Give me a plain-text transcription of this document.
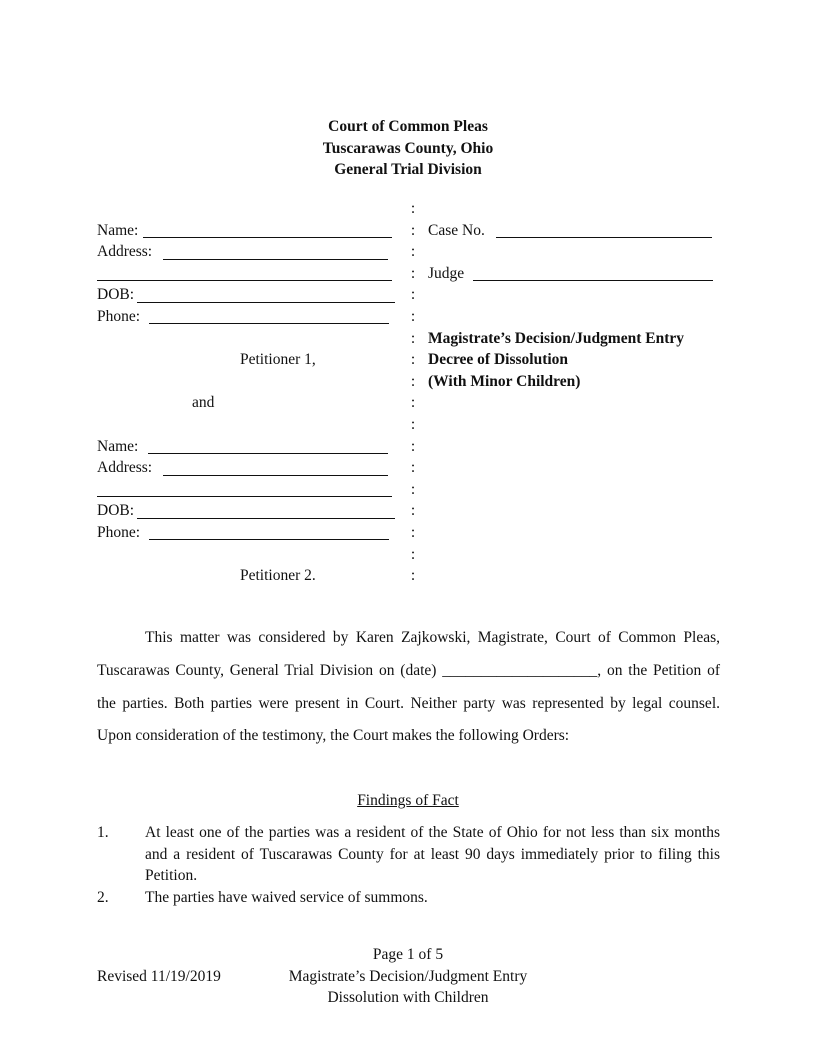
Court of Common Pleas
Tuscarawas County, Ohio
General Trial Division
:
:
:
:
:
:
:
:
:
:
:
:
:
:
:
:
:
:
Name:
Address:
DOB:
Phone:
Petitioner 1,
and
Name:
Address:
DOB:
Phone:
Petitioner 2.
Case No.
Judge
Magistrate’s Decision/Judgment Entry
Decree of Dissolution
(With Minor Children)

This matter was considered by Karen Zajkowski, Magistrate, Court of Common Pleas, Tuscarawas County, General Trial Division on (date) ____________________, on the Petition of the parties. Both parties were present in Court. Neither party was represented by legal counsel. Upon consideration of the testimony, the Court makes the following Orders:

Findings of Fact
1. At least one of the parties was a resident of the State of Ohio for not less than six months and a resident of Tuscarawas County for at least 90 days immediately prior to filing this Petition.
2. The parties have waived service of summons.
Page 1 of 5
Revised 11/19/2019	Magistrate’s Decision/Judgment Entry
Dissolution with Children
